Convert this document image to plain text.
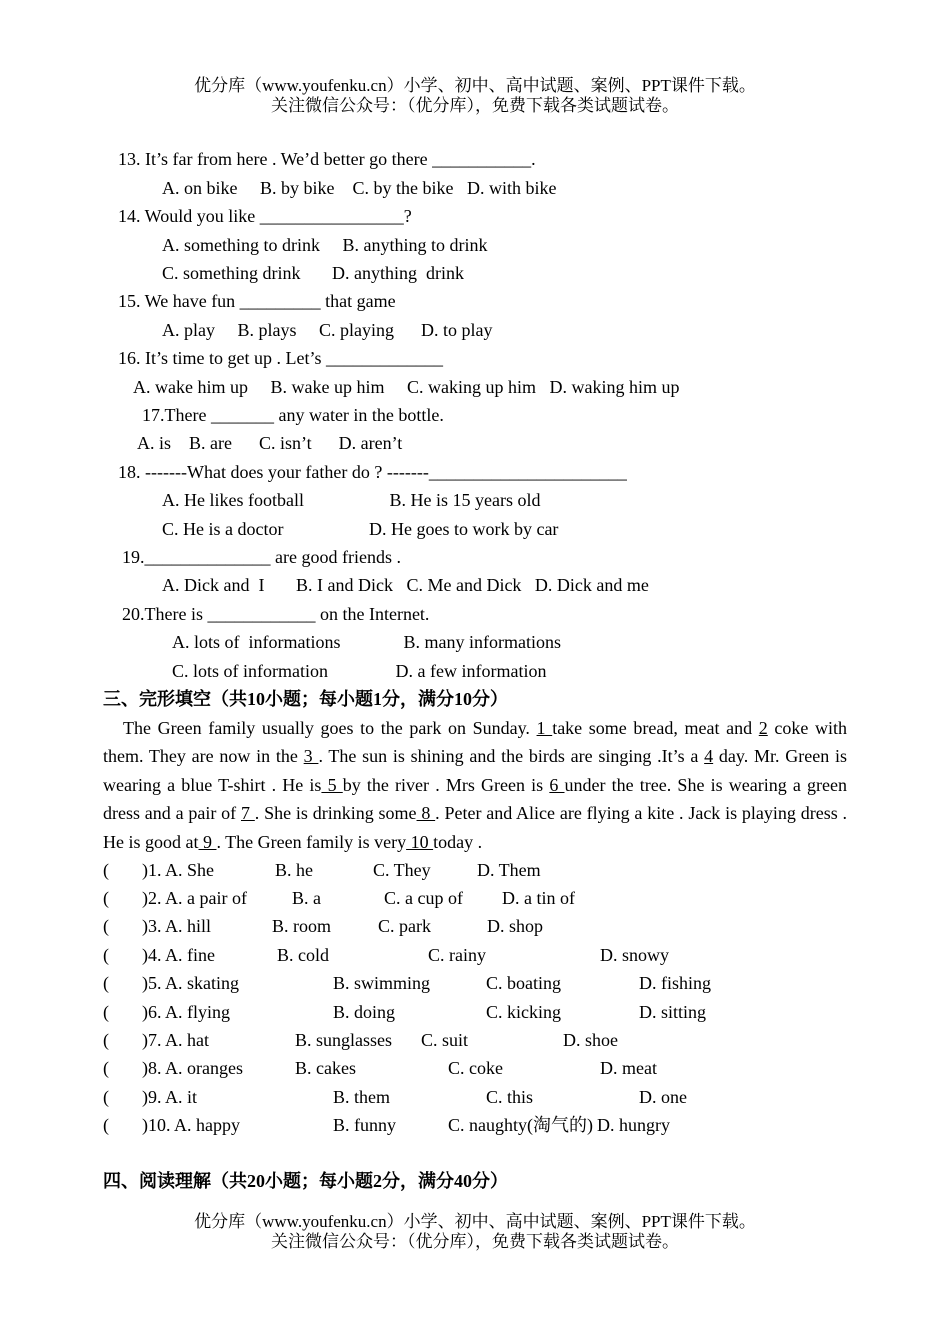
优分库（www.youfenku.cn）小学、初中、高中试题、案例、PPT课件下载。
关注微信公众号：（优分库），免费下载各类试题试卷。
13. It’s far from here . We’d better go there ___________.
A. on bike     B. by bike    C. by the bike   D. with bike
14. Would you like ________________?
A. something to drink     B. anything to drink
C. something drink       D. anything  drink
15. We have fun _________ that game
A. play     B. plays     C. playing      D. to play
16. It’s time to get up . Let’s _____________
A. wake him up     B. wake up him     C. waking up him   D. waking him up
17.There _______ any water in the bottle.
A. is    B. are      C. isn’t      D. aren’t
18. -------What does your father do ? -------______________________
A. He likes football                   B. He is 15 years old
C. He is a doctor                   D. He goes to work by car
19.______________ are good friends .
A. Dick and  I       B. I and Dick   C. Me and Dick   D. Dick and me
20.There is ____________ on the Internet.
A. lots of  informations              B. many informations
C. lots of information               D. a few information
三、完形填空（共10小题；每小题1分，满分10分）
The Green family usually goes to the park on Sunday. 1 take some bread, meat and 2 coke with them. They are now in the 3 . The sun is shining and the birds are singing .It’s a 4 day. Mr. Green is wearing a blue T-shirt . He is 5 by the river . Mrs Green is 6 under the tree. She is wearing a green dress and a pair of 7 . She is drinking some 8 . Peter and Alice are flying a kite . Jack is playing dress . He is good at 9 . The Green family is very 10 today .
( )1. A. She	B. he	C. They	D. Them
( )2. A. a pair of	B. a	C. a cup of D. a tin of
( )3. A. hill	B. room	C. park	D. shop
( )4. A. fine	B. cold	C. rainy	D. snowy
( )5. A. skating	B. swimming	C. boating	D. fishing
( )6. A. flying	B. doing	C. kicking	D. sitting
( )7. A. hat	B. sunglasses C. suit	D. shoe
( )8. A. oranges	B. cakes	C. coke	D. meat
( )9. A. it	B. them	C. this	D. one
( )10. A. happy	B. funny	C. naughty(淘气的) D. hungry
四、阅读理解（共20小题；每小题2分，满分40分）
优分库（www.youfenku.cn）小学、初中、高中试题、案例、PPT课件下载。
关注微信公众号：（优分库），免费下载各类试题试卷。
